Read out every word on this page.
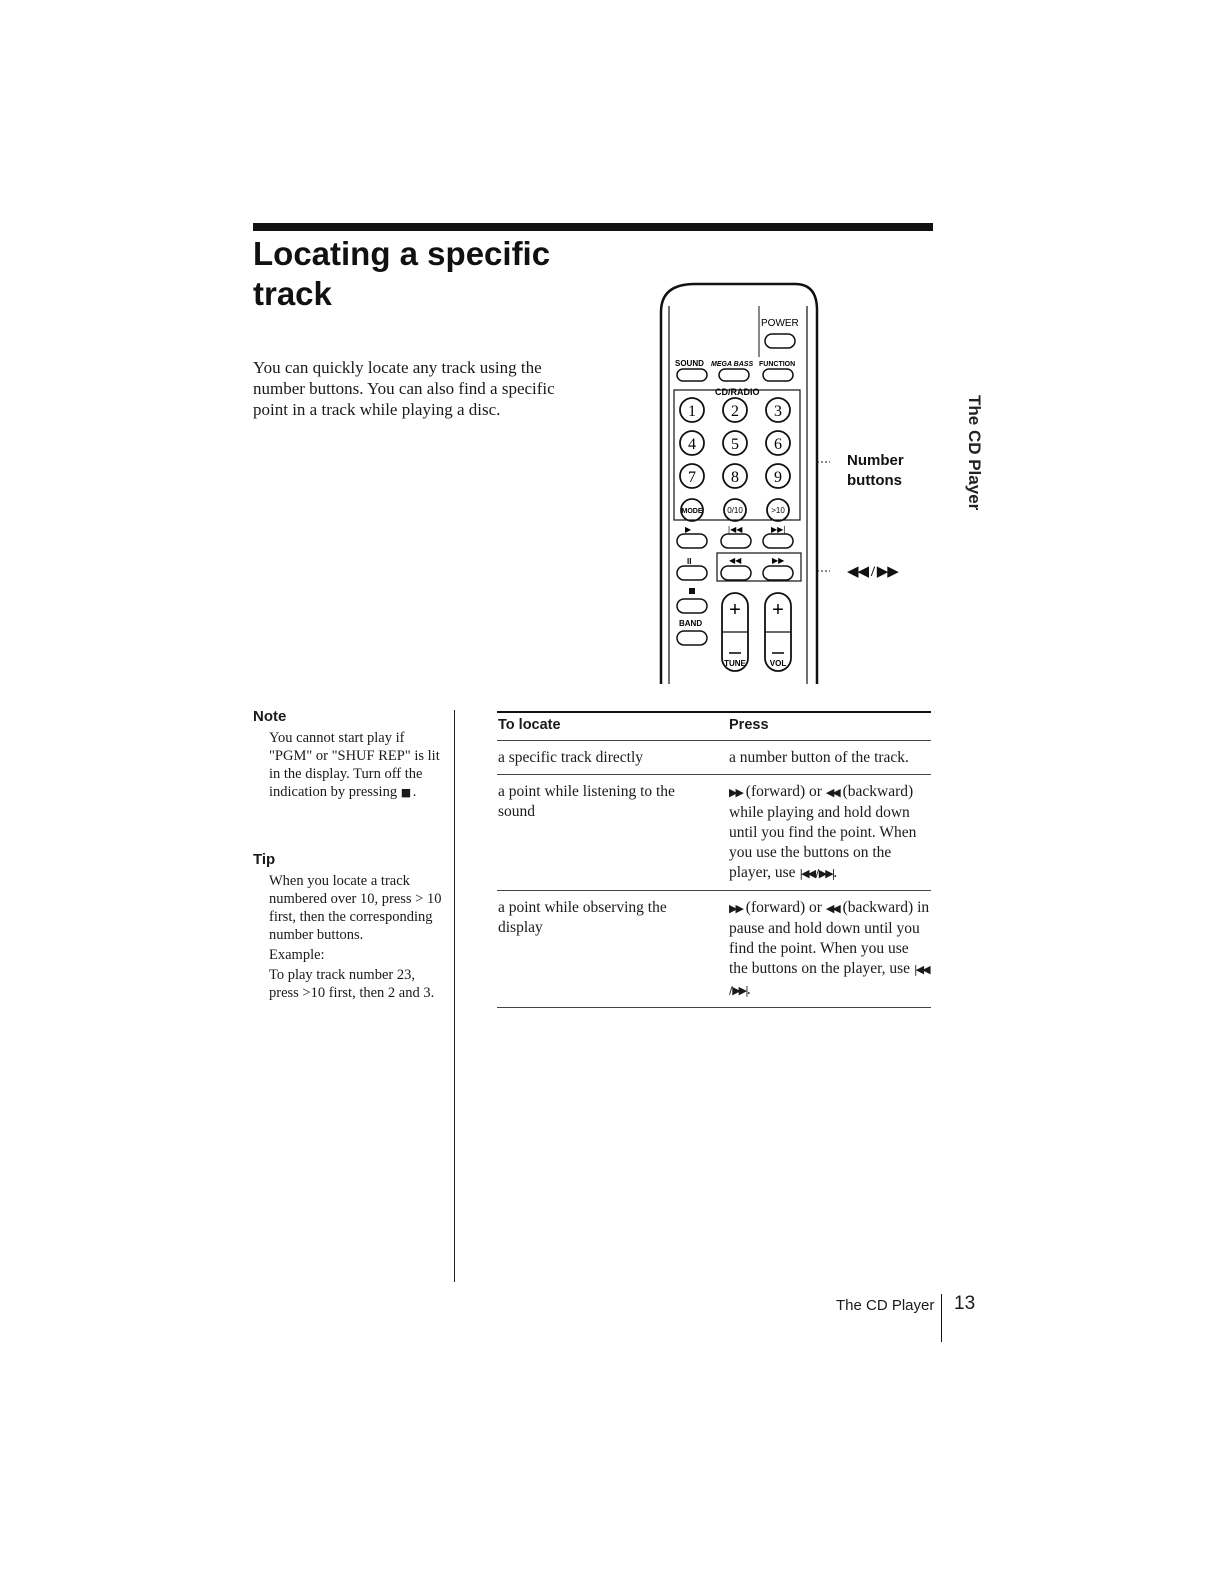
Locating a specific track
You can quickly locate any track using the number buttons. You can also find a specific point in a track while playing a disc.
POWER
SOUND MEGA BASS FUNCTION
CD/RADIO
1 2 3
4 5 6
7 8 9
MODE	0/10	>10
▶	|◀◀	▶▶|
II	◀◀	▶▶
BAND
+ +
TUNE	VOL
Number
buttons
◀◀ / ▶▶
The CD Player
Note
You cannot start play if "PGM" or "SHUF REP" is lit in the display. Turn off the indication by pressing ■ .
Tip

When you locate a track numbered over 10, press > 10 first, then the corresponding number buttons.

Example:

To play track number 23, press >10 first, then 2 and 3.

To locate	Press

a specific track directly	a number button of the track.

a point while listening to the sound	▶▶ (forward) or ◀◀ (backward) while playing and hold down until you find the point. When you use the buttons on the player, use |◀◀ / ▶▶|.

a point while observing the display	▶▶ (forward) or ◀◀ (backward) in pause and hold down until you find the point. When you use the buttons on the player, use |◀◀ / ▶▶|.
The CD Player 13
